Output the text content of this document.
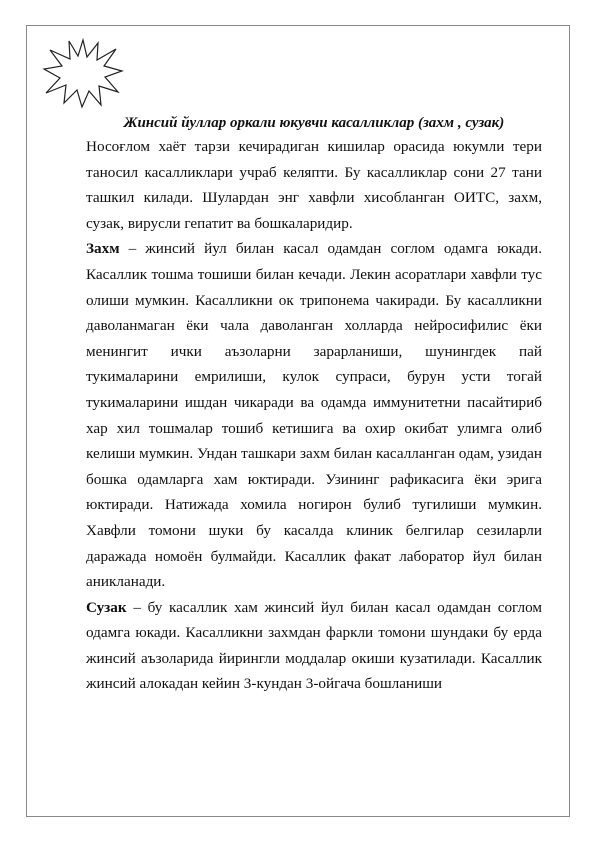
Жинсий йуллар оркали юкувчи касалликлар (захм , сузак)

Носоғлом хаёт тарзи кечирадиган кишилар орасида юкумли тери таносил касалликлари учраб келяпти. Бу касалликлар сони 27 тани ташкил килади. Шулардан энг хавфли хисобланган ОИТС, захм, сузак, вирусли гепатит ва бошкаларидир.

Захм – жинсий йул билан касал одамдан соглом одамга юкади. Касаллик тошма тошиши билан кечади. Лекин асоратлари хавфли тус олиши мумкин. Касалликни ок трипонема чакиради. Бу касалликни даволанмаган ёки чала даволанган холларда нейросифилис ёки менингит ички аъзоларни зарарланиши, шунингдек пай тукималарини емрилиши, кулок супраси, бурун усти тогай тукималарини ишдан чикаради ва одамда иммунитетни пасайтириб хар хил тошмалар тошиб кетишига ва охир окибат улимга олиб келиши мумкин. Ундан ташкари захм билан касалланган одам, узидан бошка одамларга хам юктиради. Узининг рафикасига ёки эрига юктиради. Натижада хомила ногирон булиб тугилиши мумкин. Хавфли томони шуки бу касалда клиник белгилар сезиларли даражада номоён булмайди. Касаллик факат лаборатор йул билан аникланади.

Сузак – бу касаллик хам жинсий йул билан касал одамдан соглом одамга юкади. Касалликни захмдан фаркли томони шундаки бу ерда жинсий аъзоларида йирингли моддалар окиши кузатилади. Касаллик жинсий алокадан кейин 3-кундан 3-ойгача бошланиши
